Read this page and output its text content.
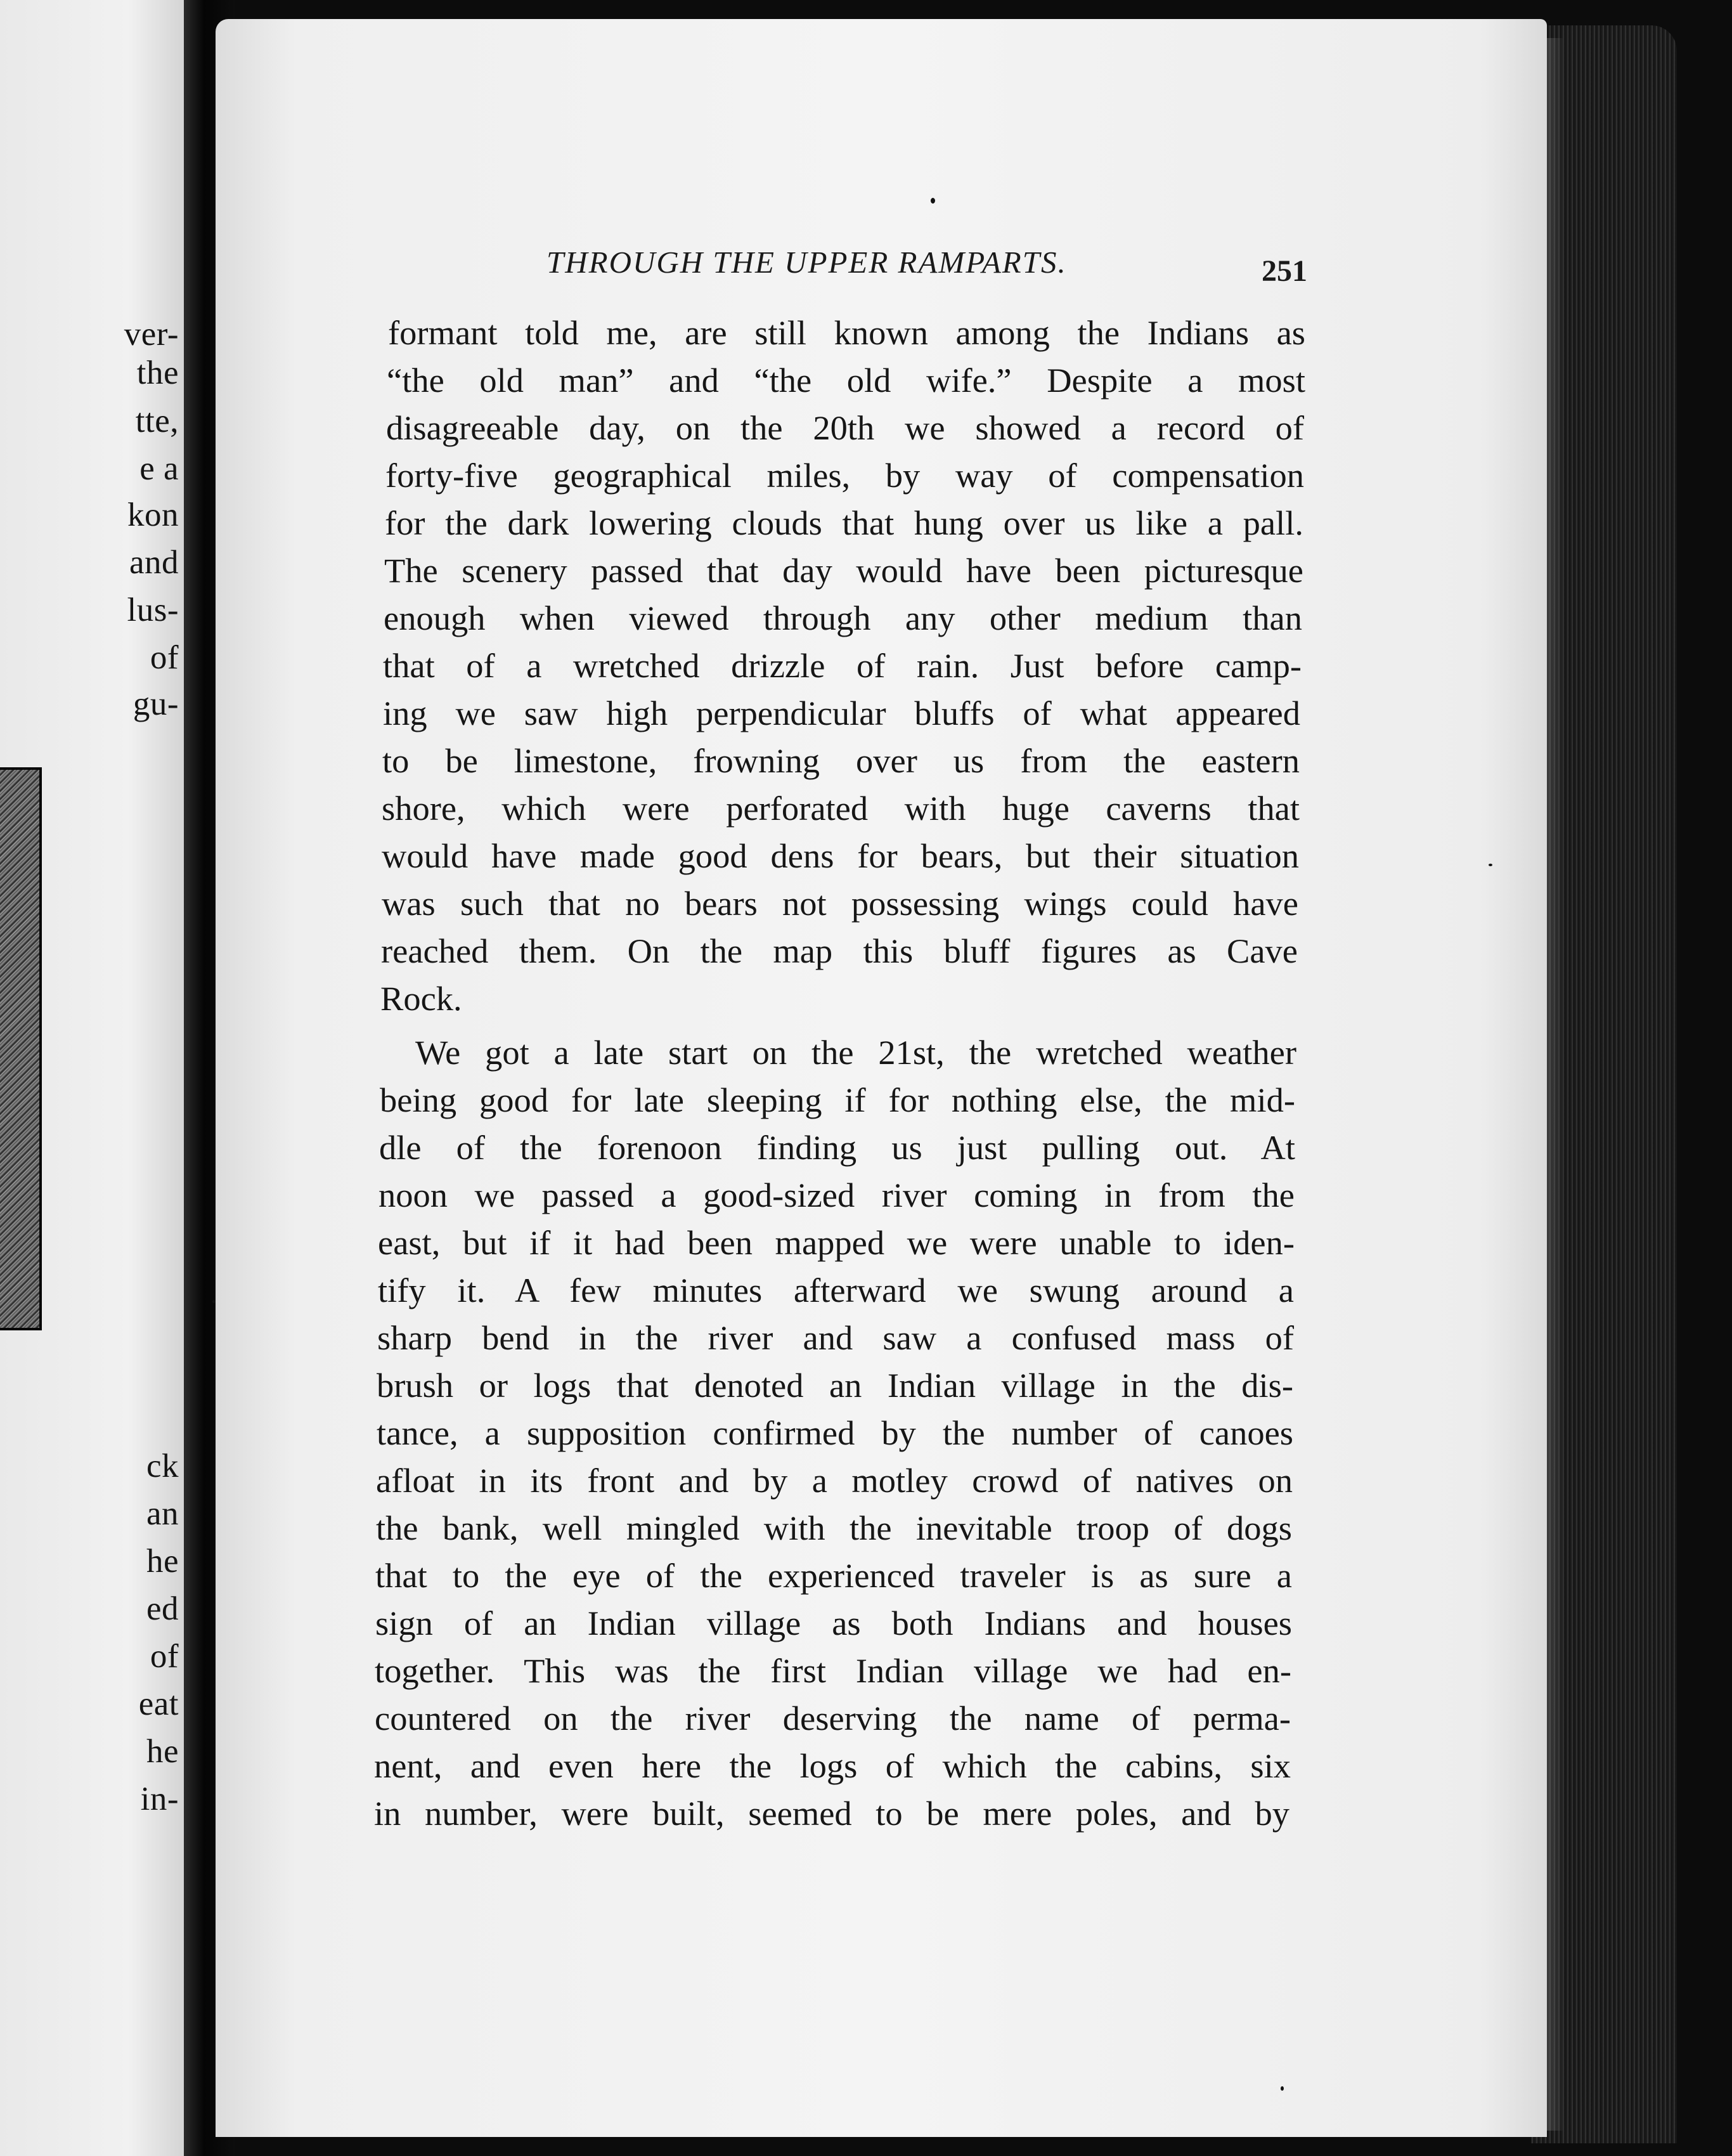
ver-
the
tte,
e a
kon
and
lus-
of
gu-
ck
an
he
ed
of
eat
he
in-
THROUGH THE UPPER RAMPARTS.	251
formant told me, are still known among the Indians as
“the old man” and “the old wife.” Despite a most
disagreeable day, on the 20th we showed a record of
forty-five geographical miles, by way of compensation
for the dark lowering clouds that hung over us like a pall.
The scenery passed that day would have been picturesque
enough when viewed through any other medium than
that of a wretched drizzle of rain. Just before camp-
ing we saw high perpendicular bluffs of what appeared
to be limestone, frowning over us from the eastern
shore, which were perforated with huge caverns that
would have made good dens for bears, but their situation
was such that no bears not possessing wings could have
reached them. On the map this bluff figures as Cave
Rock.
We got a late start on the 21st, the wretched weather
being good for late sleeping if for nothing else, the mid-
dle of the forenoon finding us just pulling out. At
noon we passed a good-sized river coming in from the
east, but if it had been mapped we were unable to iden-
tify it. A few minutes afterward we swung around a
sharp bend in the river and saw a confused mass of
brush or logs that denoted an Indian village in the dis-
tance, a supposition confirmed by the number of canoes
afloat in its front and by a motley crowd of natives on
the bank, well mingled with the inevitable troop of dogs
that to the eye of the experienced traveler is as sure a
sign of an Indian village as both Indians and houses
together. This was the first Indian village we had en-
countered on the river deserving the name of perma-
nent, and even here the logs of which the cabins, six
in number, were built, seemed to be mere poles, and by
